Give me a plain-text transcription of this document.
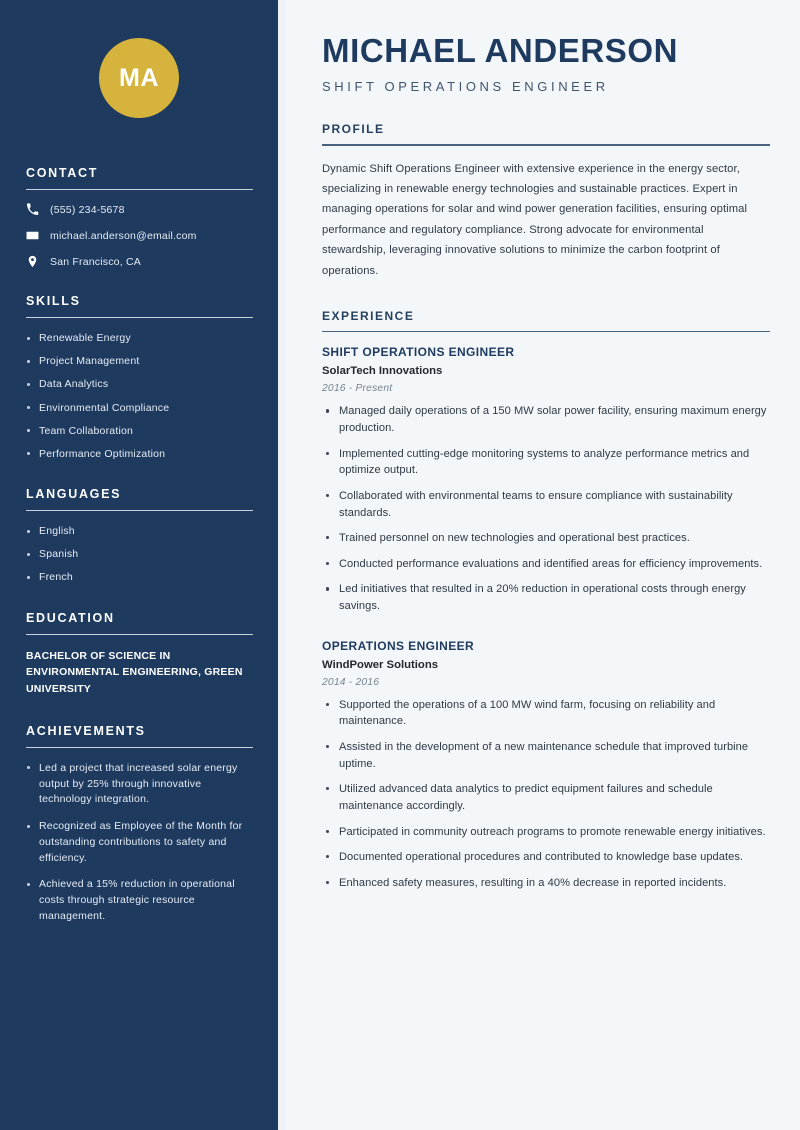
MA
CONTACT
(555) 234-5678
michael.anderson@email.com
San Francisco, CA
SKILLS
Renewable Energy
Project Management
Data Analytics
Environmental Compliance
Team Collaboration
Performance Optimization
LANGUAGES
English
Spanish
French
EDUCATION
BACHELOR OF SCIENCE IN ENVIRONMENTAL ENGINEERING, GREEN UNIVERSITY
ACHIEVEMENTS
Led a project that increased solar energy output by 25% through innovative technology integration.
Recognized as Employee of the Month for outstanding contributions to safety and efficiency.
Achieved a 15% reduction in operational costs through strategic resource management.
MICHAEL ANDERSON
SHIFT OPERATIONS ENGINEER
PROFILE

Dynamic Shift Operations Engineer with extensive experience in the energy sector, specializing in renewable energy technologies and sustainable practices. Expert in managing operations for solar and wind power generation facilities, ensuring optimal performance and regulatory compliance. Strong advocate for environmental stewardship, leveraging innovative solutions to minimize the carbon footprint of operations.

EXPERIENCE
SHIFT OPERATIONS ENGINEER
SolarTech Innovations
2016 - Present
Managed daily operations of a 150 MW solar power facility, ensuring maximum energy production.
Implemented cutting-edge monitoring systems to analyze performance metrics and optimize output.
Collaborated with environmental teams to ensure compliance with sustainability standards.
Trained personnel on new technologies and operational best practices.
Conducted performance evaluations and identified areas for efficiency improvements.
Led initiatives that resulted in a 20% reduction in operational costs through energy savings.
OPERATIONS ENGINEER
WindPower Solutions
2014 - 2016
Supported the operations of a 100 MW wind farm, focusing on reliability and maintenance.
Assisted in the development of a new maintenance schedule that improved turbine uptime.
Utilized advanced data analytics to predict equipment failures and schedule maintenance accordingly.
Participated in community outreach programs to promote renewable energy initiatives.
Documented operational procedures and contributed to knowledge base updates.
Enhanced safety measures, resulting in a 40% decrease in reported incidents.
